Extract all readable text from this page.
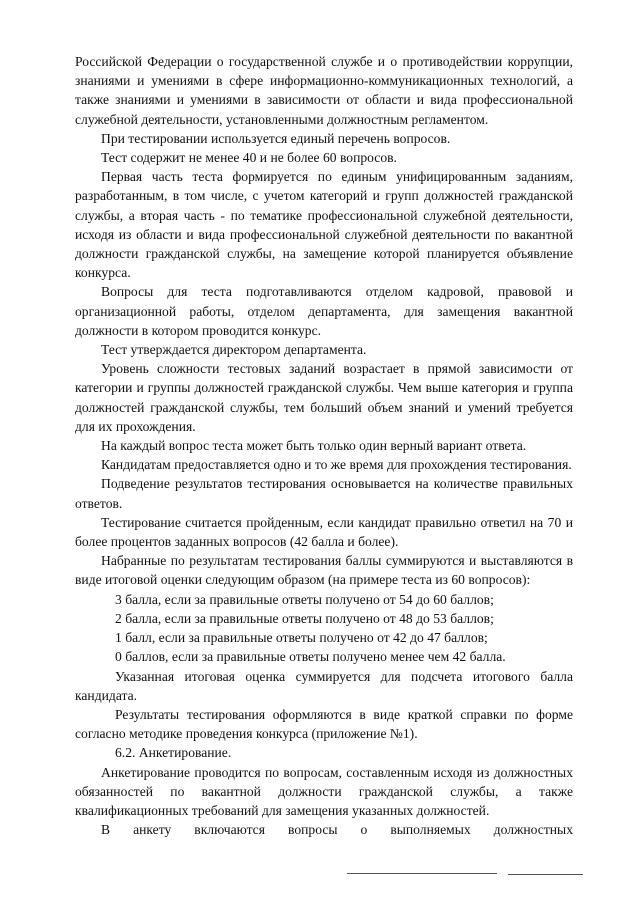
Российской Федерации о государственной службе и о противодействии коррупции, знаниями и умениями в сфере информационно-коммуникационных технологий, а также знаниями и умениями в зависимости от области и вида профессиональной служебной деятельности, установленными должностным регламентом.

При тестировании используется единый перечень вопросов.

Тест содержит не менее 40 и не более 60 вопросов.

Первая часть теста формируется по единым унифицированным заданиям, разработанным, в том числе, с учетом категорий и групп должностей гражданской службы, а вторая часть - по тематике профессиональной служебной деятельности, исходя из области и вида профессиональной служебной деятельности по вакантной должности гражданской службы, на замещение которой планируется объявление конкурса.

Вопросы для теста подготавливаются отделом кадровой, правовой и организационной работы, отделом департамента, для замещения вакантной должности в котором проводится конкурс.

Тест утверждается директором департамента.

Уровень сложности тестовых заданий возрастает в прямой зависимости от категории и группы должностей гражданской службы. Чем выше категория и группа должностей гражданской службы, тем больший объем знаний и умений требуется для их прохождения.

На каждый вопрос теста может быть только один верный вариант ответа.

Кандидатам предоставляется одно и то же время для прохождения тестирования.

Подведение результатов тестирования основывается на количестве правильных ответов.

Тестирование считается пройденным, если кандидат правильно ответил на 70 и более процентов заданных вопросов (42 балла и более).

Набранные по результатам тестирования баллы суммируются и выставляются в виде итоговой оценки следующим образом (на примере теста из 60 вопросов):

3 балла, если за правильные ответы получено от 54 до 60 баллов;

2 балла, если за правильные ответы получено от 48 до 53 баллов;

1 балл, если за правильные ответы получено от 42 до 47 баллов;

0 баллов, если за правильные ответы получено менее чем 42 балла.

Указанная итоговая оценка суммируется для подсчета итогового балла кандидата.

Результаты тестирования оформляются в виде краткой справки по форме согласно методике проведения конкурса (приложение №1).

6.2. Анкетирование.

Анкетирование проводится по вопросам, составленным исходя из должностных обязанностей по вакантной должности гражданской службы, а также квалификационных требований для замещения указанных должностей.

В анкету включаются вопросы о выполняемых должностных
